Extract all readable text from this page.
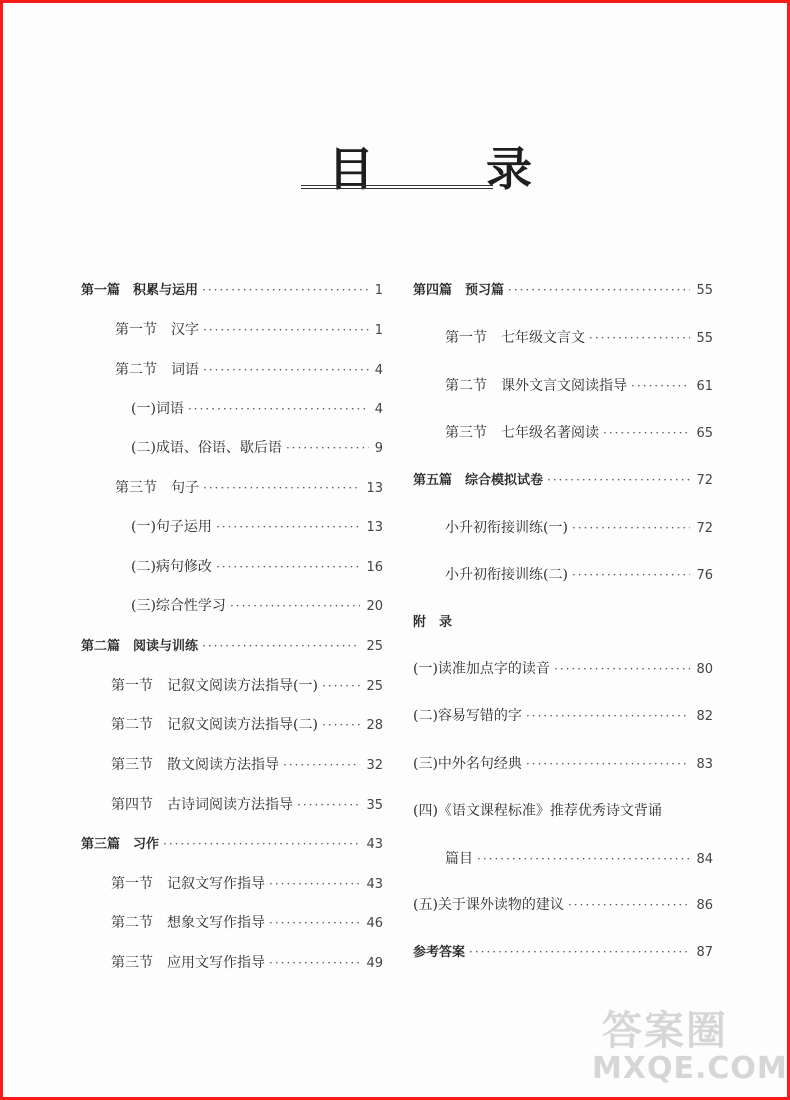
目 录
第一篇　积累与运用 ·····	1
第一节　汉字 ·····	1
第二节　词语 ·····	4
(一)词语 ·····	4
(二)成语、俗语、歇后语 ·····	9
第三节　句子 ·····	13
(一)句子运用 ·····	13
(二)病句修改 ·····	16
(三)综合性学习 ·····	20
第二篇　阅读与训练 ·····	25
第一节　记叙文阅读方法指导(一) ·····	25
第二节　记叙文阅读方法指导(二) ·····	28
第三节　散文阅读方法指导 ·····	32
第四节　古诗词阅读方法指导 ·····	35
第三篇　习作 ·····	43
第一节　记叙文写作指导 ·····	43
第二节　想象文写作指导 ·····	46
第三节　应用文写作指导 ·····	49
第四篇　预习篇 ·····	55
第一节　七年级文言文 ·····	55
第二节　课外文言文阅读指导 ·····	61
第三节　七年级名著阅读 ·····	65
第五篇　综合模拟试卷 ·····	72
小升初衔接训练(一) ·····	72
小升初衔接训练(二) ·····	76
附　录
(一)读准加点字的读音 ·····	80
(二)容易写错的字 ·····	82
(三)中外名句经典 ·····	83
(四)《语文课程标准》推荐优秀诗文背诵
篇目 ·····	84
(五)关于课外读物的建议 ·····	86
参考答案 ·····	87
答案圈
MXQE.COM
